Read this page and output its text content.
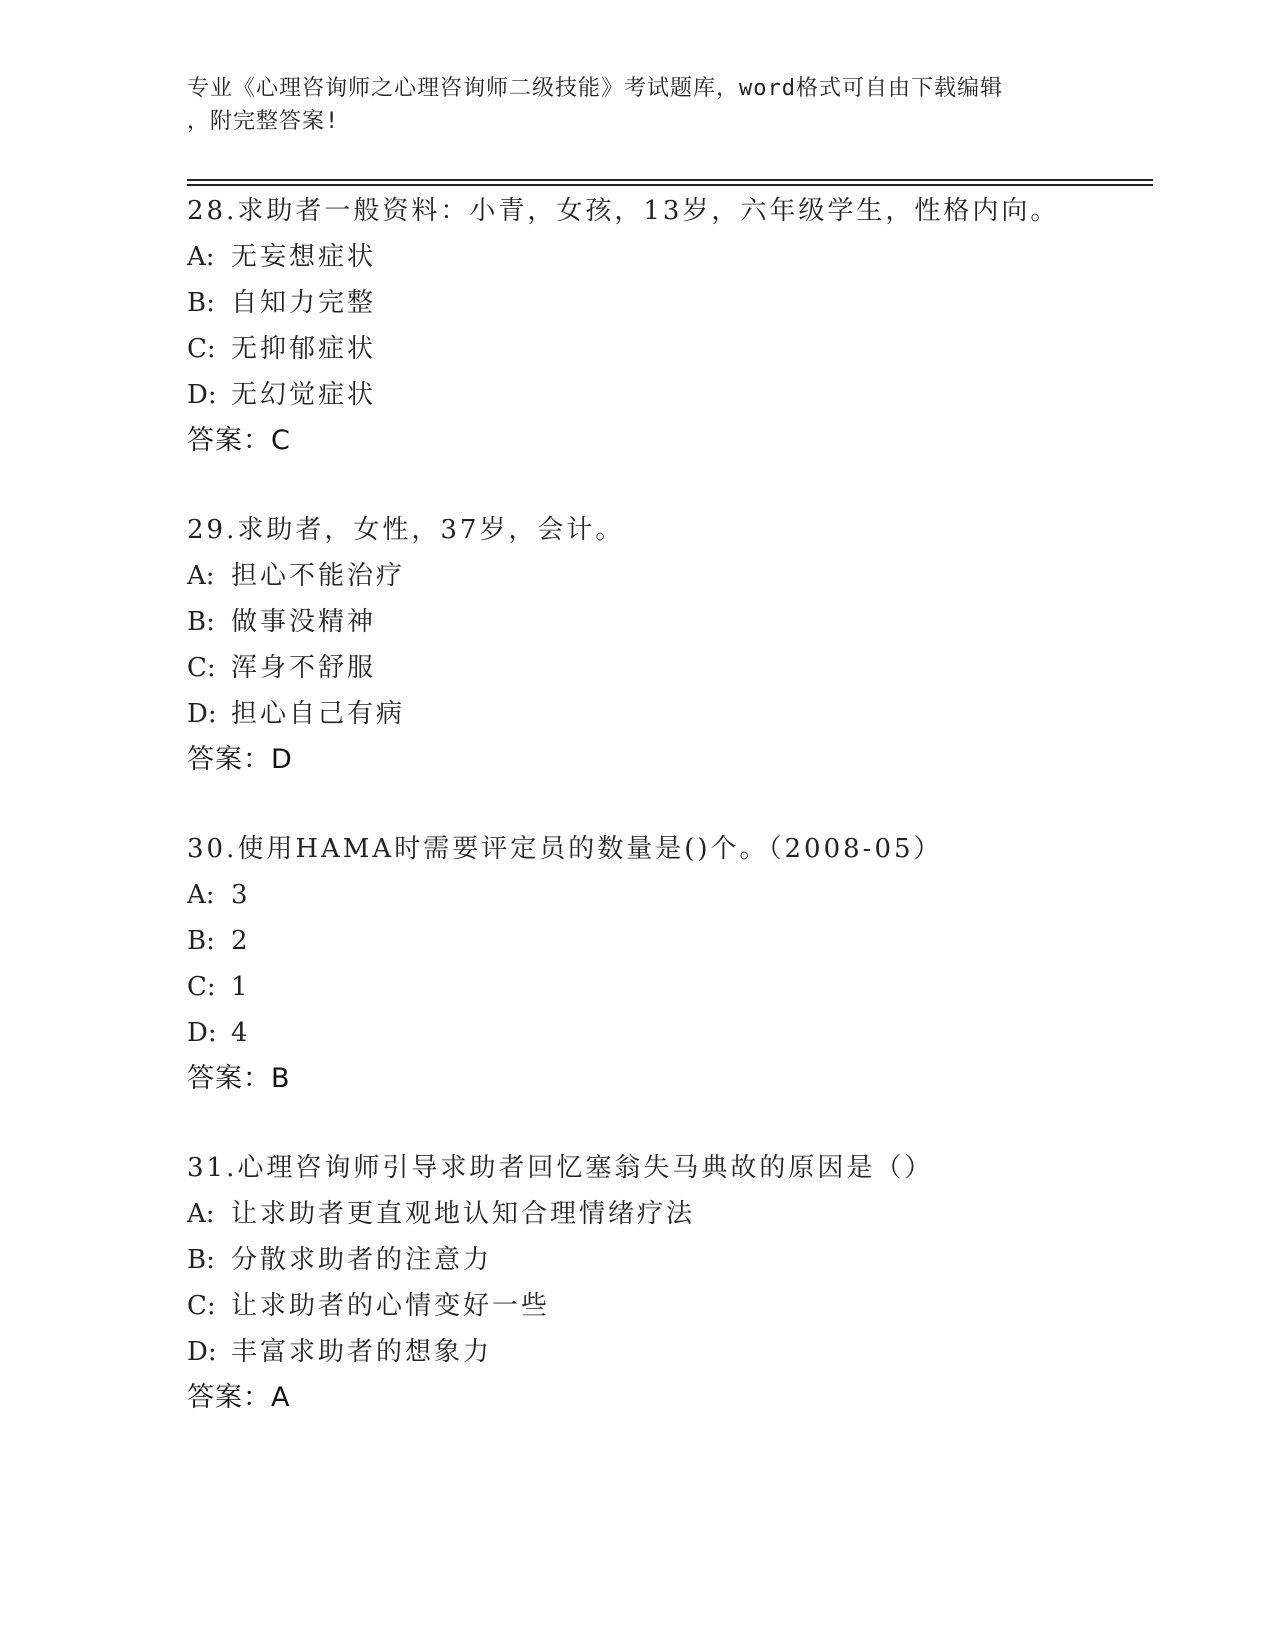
专业《心理咨询师之心理咨询师二级技能》考试题库，word格式可自由下载编辑
，附完整答案!
28.求助者一般资料：小青，女孩，13岁，六年级学生，性格内向。
A: 无妄想症状
B: 自知力完整
C: 无抑郁症状
D: 无幻觉症状
答案：C
29.求助者，女性，37岁，会计。
A: 担心不能治疗
B: 做事没精神
C: 浑身不舒服
D: 担心自己有病
答案：D
30.使用HAMA时需要评定员的数量是()个。（2008-05）
A: 3
B: 2
C: 1
D: 4
答案：B
31.心理咨询师引导求助者回忆塞翁失马典故的原因是（）
A: 让求助者更直观地认知合理情绪疗法
B: 分散求助者的注意力
C: 让求助者的心情变好一些
D: 丰富求助者的想象力
答案：A
